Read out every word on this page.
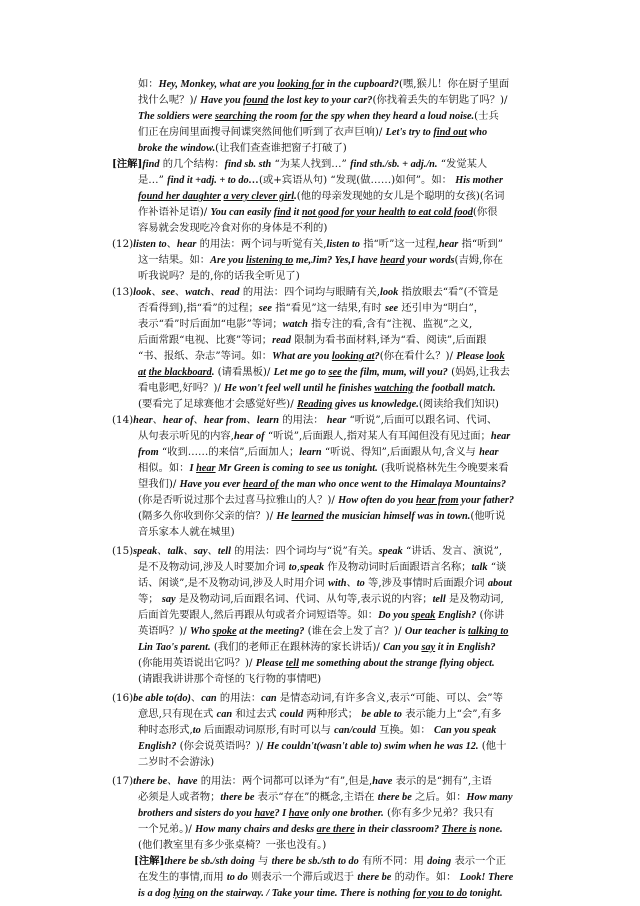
如：Hey, Monkey, what are you looking for in the cupboard?(嘿,猴儿！你在厨子里面
找什么呢？)/ Have you found the lost key to your car?(你找着丢失的车钥匙了吗？)/
The soldiers were searching the room for the spy when they heard a loud noise.(士兵
们正在房间里面搜寻间谍突然间他们听到了衣声巨响)/ Let's try to find out who
broke the window.(让我们查查谁把窗子打破了)
[注解]find 的几个结构：find sb. sth “为某人找到…” find sth./sb. + adj./n. “发觉某人
是…” find it +adj. + to do…(或+宾语从句) “发现(做……)如何”。如： His mother
found her daughter a very clever girl.(他的母亲发现她的女儿是个聪明的女孩)(名词
作补语补足语)/ You can easily find it not good for your health to eat cold food(你很
容易就会发现吃冷食对你的身体是不利的)
(12)listen to、hear 的用法：两个词与听觉有关,listen to 指“听”这一过程,hear 指“听到”
这一结果。如：Are you listening to me,Jim? Yes,I have heard your words(吉姆,你在
听我说吗？是的,你的话我全听见了)
(13)look、see、watch、read 的用法：四个词均与眼睛有关,look 指放眼去“看”(不管是
否看得到),指“看”的过程；see 指“看见”这一结果,有时 see 还引申为“明白”，
表示“看”时后面加“电影”等词；watch 指专注的看,含有“注视、监视”之义,
后面常跟“电视、比赛”等词；read 限制为看书面材料,译为“看、阅读”,后面跟
“书、报纸、杂志”等词。如：What are you looking at?(你在看什么？)/ Please look
at the blackboard. (请看黑板)/ Let me go to see the film, mum, will you? (妈妈,让我去
看电影吧,好吗？)/ He won't feel well until he finishes watching the football match.
(要看完了足球赛他才会感觉好些)/ Reading gives us knowledge.(阅读给我们知识)
(14)hear、hear of、hear from、learn 的用法： hear “听说”,后面可以跟名词、代词、
从句表示听见的内容,hear of “听说”,后面跟人,指对某人有耳闻但没有见过面；hear
from “收到……的来信”,后面加人；learn “听说、得知”,后面跟从句,含义与 hear
相似。如：I hear Mr Green is coming to see us tonight. (我听说格林先生今晚要来看
望我们)/ Have you ever heard of the man who once went to the Himalaya Mountains?
(你是否听说过那个去过喜马拉雅山的人？)/ How often do you hear from your father?
(隔多久你收到你父亲的信？)/ He learned the musician himself was in town.(他听说
音乐家本人就在城里)
(15)speak、talk、say、tell 的用法：四个词均与“说”有关。speak “讲话、发言、演说”,
是不及物动词,涉及人时要加介词 to,speak 作及物动词时后面跟语言名称；talk “谈
话、闲谈”,是不及物动词,涉及人时用介词 with、to 等,涉及事情时后面跟介词 about
等； say 是及物动词,后面跟名词、代词、从句等,表示说的内容；tell 是及物动词,
后面首先要跟人,然后再跟从句或者介词短语等。如：Do you speak English? (你讲
英语吗？)/ Who spoke at the meeting? (谁在会上发了言？)/ Our teacher is talking to
Lin Tao's parent. (我们的老师正在跟林涛的家长讲话)/ Can you say it in English?
(你能用英语说出它吗？)/ Please tell me something about the strange flying object.
(请跟我讲讲那个奇怪的飞行物的事情吧)
(16)be able to(do)、can 的用法：can 是情态动词,有许多含义,表示“可能、可以、会”等
意思,只有现在式 can 和过去式 could 两种形式； be able to 表示能力上“会”,有多
种时态形式,to 后面跟动词原形,有时可以与 can/could 互换。如： Can you speak
English? (你会说英语吗？)/ He couldn't(wasn't able to) swim when he was 12. (他十
二岁时不会游泳)
(17)there be、have 的用法：两个词都可以译为“有”,但是,have 表示的是“拥有”,主语
必须是人或者物；there be 表示“存在”的概念,主语在 there be 之后。如：How many
brothers and sisters do you have? I have only one brother. (你有多少兄弟？我只有
一个兄弟。)/ How many chairs and desks are there in their classroom? There is none.
(他们教室里有多少张桌椅？一张也没有。)
[注解]there be sb./sth doing 与 there be sb./sth to do 有所不同：用 doing 表示一个正
在发生的事情,而用 to do 则表示一个滞后或迟于 there be 的动作。如： Look! There
is a dog lying on the stairway. / Take your time. There is nothing for you to do tonight.
